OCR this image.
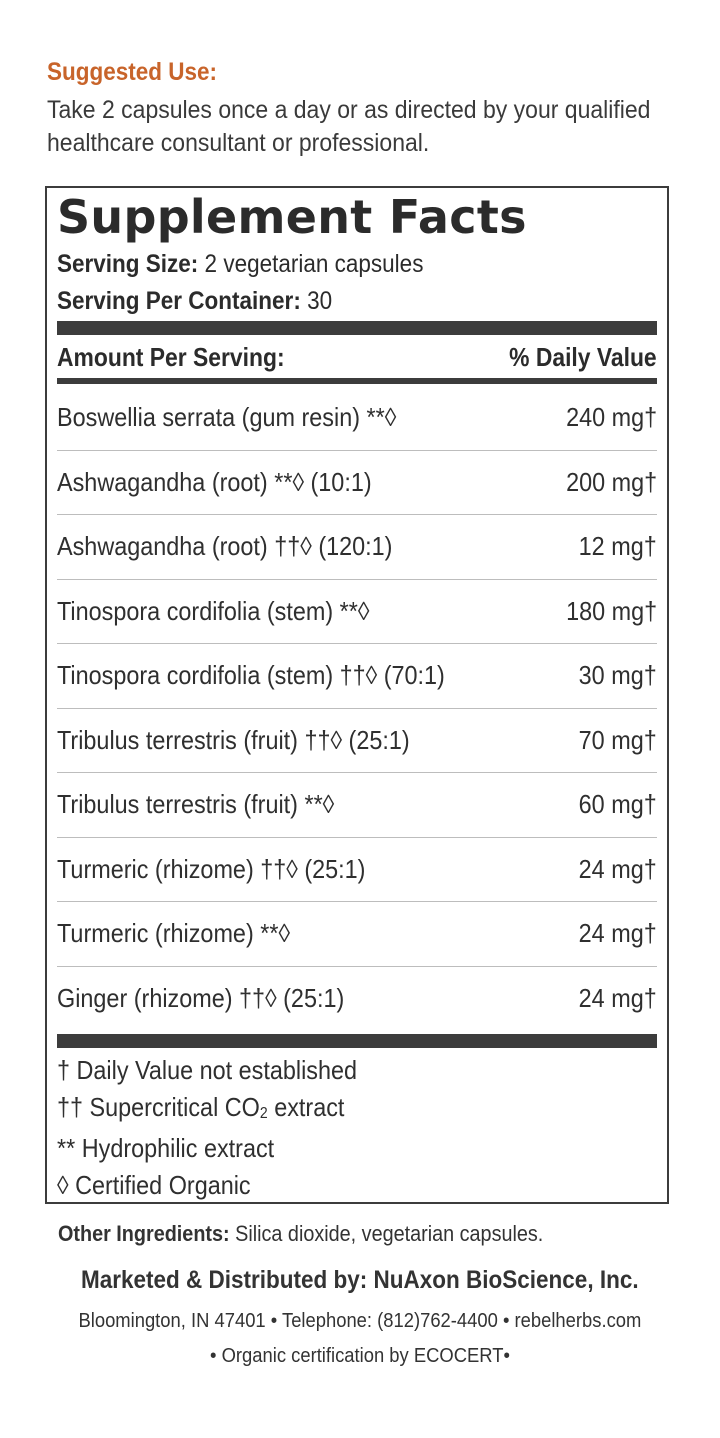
Suggested Use:
Take 2 capsules once a day or as directed by your qualified healthcare consultant or professional.
Supplement Facts
Serving Size: 2 vegetarian capsules
Serving Per Container: 30
Amount Per Serving:	% Daily Value
Boswellia serrata (gum resin) **◊	240 mg†
Ashwagandha (root) **◊ (10:1)	200 mg†
Ashwagandha (root) ††◊ (120:1)	12 mg†
Tinospora cordifolia (stem) **◊	180 mg†
Tinospora cordifolia (stem) ††◊ (70:1)	30 mg†
Tribulus terrestris (fruit) ††◊ (25:1)	70 mg†
Tribulus terrestris (fruit) **◊	60 mg†
Turmeric (rhizome) ††◊ (25:1)	24 mg†
Turmeric (rhizome) **◊	24 mg†
Ginger (rhizome) ††◊ (25:1)	24 mg†
† Daily Value not established
†† Supercritical $CO_2$ extract
** Hydrophilic extract
◊ Certified Organic
Other Ingredients: Silica dioxide, vegetarian capsules.
Marketed & Distributed by: NuAxon BioScience, Inc.
Bloomington, IN 47401 • Telephone: (812)762-4400 • rebelherbs.com
• Organic certification by ECOCERT•
